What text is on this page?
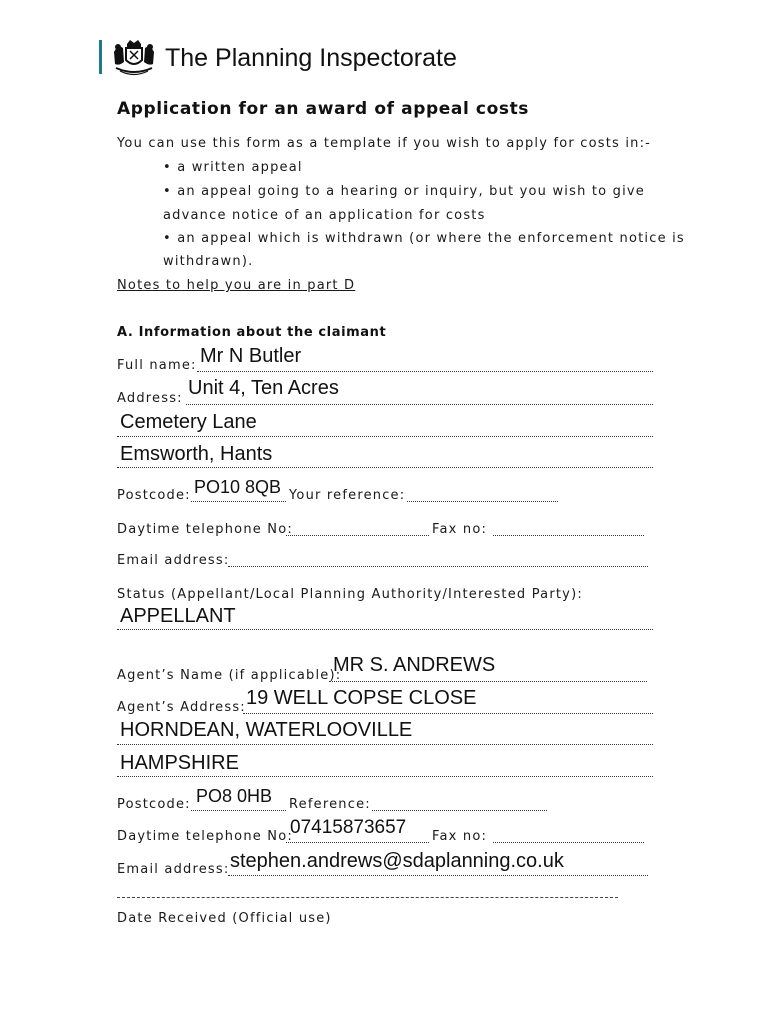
The Planning Inspectorate
Application for an award of appeal costs
You can use this form as a template if you wish to apply for costs in:-
• a written appeal
• an appeal going to a hearing or inquiry, but you wish to give
advance notice of an application for costs
• an appeal which is withdrawn (or where the enforcement notice is
withdrawn).
Notes to help you are in part D
A. Information about the claimant
Full name: Mr N Butler
Address: Unit 4, Ten Acres
Cemetery Lane
Emsworth, Hants
Postcode: PO10 8QB Your reference:
Daytime telephone No:	Fax no:
Email address:
Status (Appellant/Local Planning Authority/Interested Party):
APPELLANT
Agent’s Name (if applicable):
MR S. ANDREWS
Agent’s Address: 19 WELL COPSE CLOSE
HORNDEAN, WATERLOOVILLE
HAMPSHIRE
Postcode: PO8 0HB Reference:
Daytime telephone No:
07415873657 Fax no:
Email address: stephen.andrews@sdaplanning.co.uk
Date Received (Official use)
